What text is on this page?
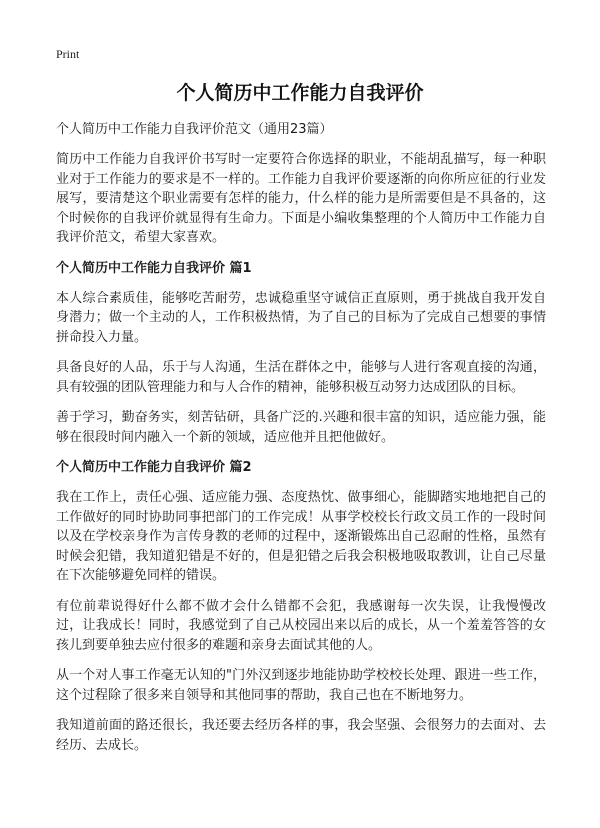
Print
个人简历中工作能力自我评价
个人简历中工作能力自我评价范文（通用23篇）
简历中工作能力自我评价书写时一定要符合你选择的职业，不能胡乱描写，每一种职业对于工作能力的要求是不一样的。工作能力自我评价要逐渐的向你所应征的行业发展写，要清楚这个职业需要有怎样的能力，什么样的能力是所需要但是不具备的，这个时候你的自我评价就显得有生命力。下面是小编收集整理的个人简历中工作能力自我评价范文，希望大家喜欢。
个人简历中工作能力自我评价 篇1
本人综合素质佳，能够吃苦耐劳，忠诚稳重坚守诚信正直原则，勇于挑战自我开发自身潜力；做一个主动的人，工作积极热情，为了自己的目标为了完成自己想要的事情拼命投入力量。
具备良好的人品，乐于与人沟通，生活在群体之中，能够与人进行客观直接的沟通，具有较强的团队管理能力和与人合作的精神，能够积极互动努力达成团队的目标。
善于学习，勤奋务实，刻苦钻研，具备广泛的.兴趣和很丰富的知识，适应能力强，能够在很段时间内融入一个新的领域，适应他并且把他做好。
个人简历中工作能力自我评价 篇2
我在工作上，责任心强、适应能力强、态度热忱、做事细心，能脚踏实地地把自己的工作做好的同时协助同事把部门的工作完成！从事学校校长行政文员工作的一段时间以及在学校亲身作为言传身教的老师的过程中，逐渐锻炼出自己忍耐的性格，虽然有时候会犯错，我知道犯错是不好的，但是犯错之后我会积极地吸取教训，让自己尽量在下次能够避免同样的错误。
有位前辈说得好什么都不做才会什么错都不会犯，我感谢每一次失误，让我慢慢改过，让我成长！同时，我感觉到了自己从校园出来以后的成长，从一个羞羞答答的女孩儿到要单独去应付很多的难题和亲身去面试其他的人。
从一个对人事工作毫无认知的"门外汉到逐步地能协助学校校长处理、跟进一些工作，这个过程除了很多来自领导和其他同事的帮助，我自己也在不断地努力。
我知道前面的路还很长，我还要去经历各样的事，我会坚强、会很努力的去面对、去经历、去成长。
